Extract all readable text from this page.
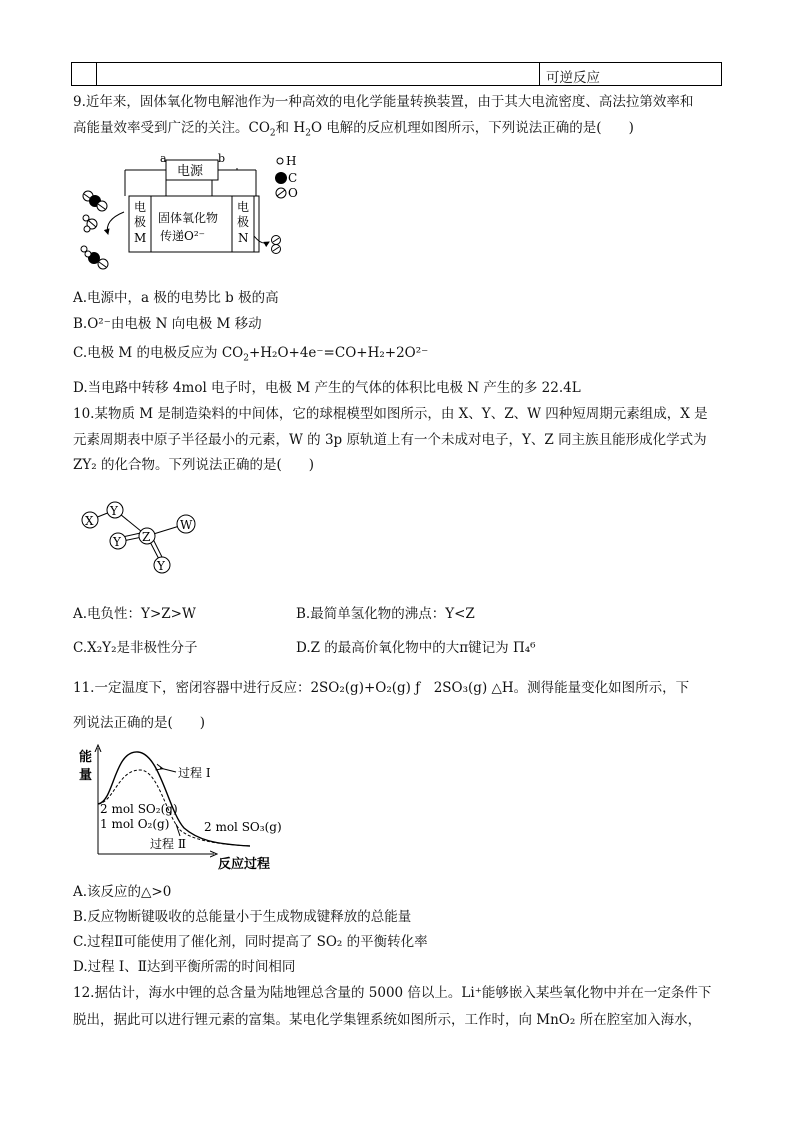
可逆反应
9.近年来，固体氧化物电解池作为一种高效的电化学能量转换装置，由于其大电流密度、高法拉第效率和
高能量效率受到广泛的关注。$CO_2$和 $H_2O$ 电解的反应机理如图所示，下列说法正确的是(　　)
电源
a	b
电
极
M
电
极
N
固体氧化物
传递O²⁻
H
C
O
A.电源中，a 极的电势比 b 极的高
B.O²⁻由电极 N 向电极 M 移动
C.电极 M 的电极反应为 $CO_2+H_2O+4e^-=CO+H_2+2O^{2-}$
D.当电路中转移 4mol 电子时，电极 M 产生的气体的体积比电极 N 产生的多 22.4L
10.某物质 M 是制造染料的中间体，它的球棍模型如图所示，由 X、Y、Z、W 四种短周期元素组成，X 是
元素周期表中原子半径最小的元素，W 的 3p 原轨道上有一个未成对电子，Y、Z 同主族且能形成化学式为
ZY₂ 的化合物。下列说法正确的是(　　)
X
Y
Y Z
W
Y
A.电负性：Y>Z>W	B.最简单氢化物的沸点：Y<Z
C.X₂Y₂是非极性分子	D.Z 的最高价氧化物中的大π键记为 Π₄⁶
11.一定温度下，密闭容器中进行反应：2SO₂(g)+O₂(g) ƒ　2SO₃(g) △H。测得能量变化如图所示，下
列说法正确的是(　　)
能
量	过程 Ⅰ
过程 Ⅱ
2 mol SO₂(g)
1 mol O₂(g)	2 mol SO₃(g)
反应过程
A.该反应的△>0
B.反应物断键吸收的总能量小于生成物成键释放的总能量
C.过程Ⅱ可能使用了催化剂，同时提高了 SO₂ 的平衡转化率
D.过程 Ⅰ、Ⅱ达到平衡所需的时间相同
12.据估计，海水中锂的总含量为陆地锂总含量的 5000 倍以上。Li⁺能够嵌入某些氧化物中并在一定条件下
脱出，据此可以进行锂元素的富集。某电化学集锂系统如图所示，工作时，向 MnO₂ 所在腔室加入海水，
